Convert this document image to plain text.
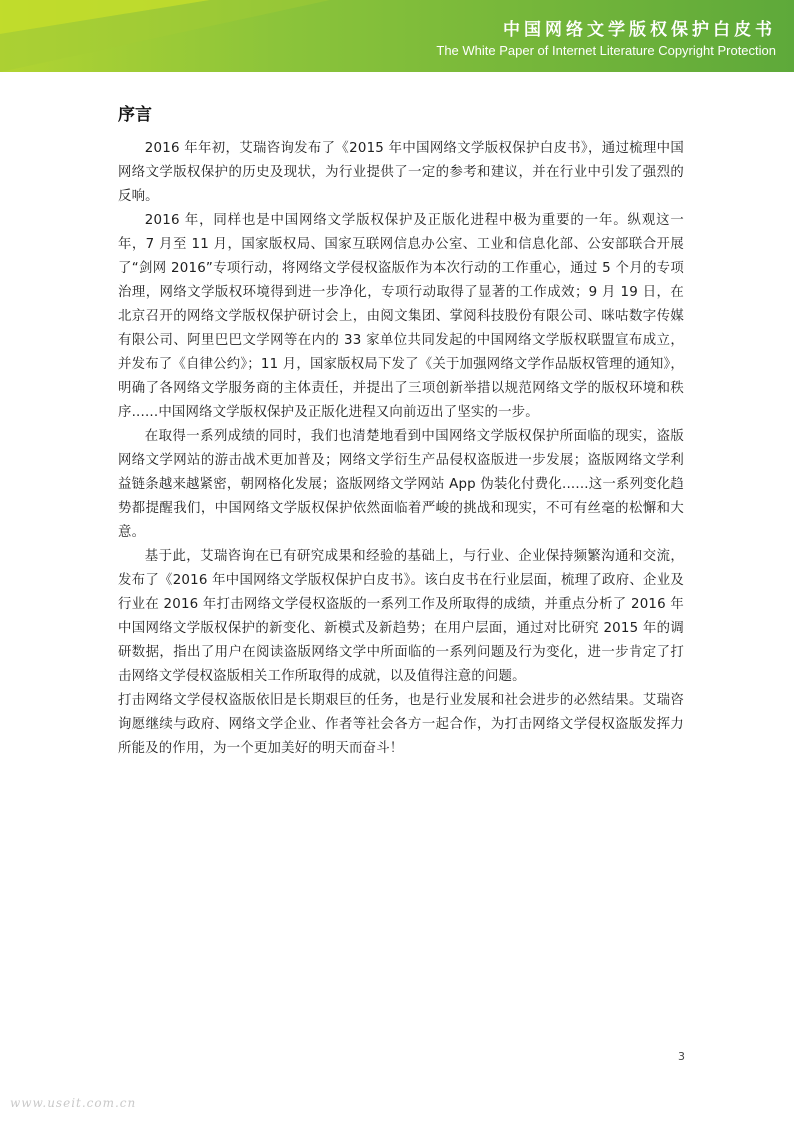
中国网络文学版权保护白皮书
The White Paper of Internet Literature Copyright Protection
序言

2016 年年初，艾瑞咨询发布了《2015 年中国网络文学版权保护白皮书》，通过梳理中国网络文学版权保护的历史及现状，为行业提供了一定的参考和建议，并在行业中引发了强烈的反响。

2016 年，同样也是中国网络文学版权保护及正版化进程中极为重要的一年。纵观这一年，7 月至 11 月，国家版权局、国家互联网信息办公室、工业和信息化部、公安部联合开展了“剑网 2016”专项行动，将网络文学侵权盗版作为本次行动的工作重心，通过 5 个月的专项治理，网络文学版权环境得到进一步净化，专项行动取得了显著的工作成效；9 月 19 日，在北京召开的网络文学版权保护研讨会上，由阅文集团、掌阅科技股份有限公司、咪咕数字传媒有限公司、阿里巴巴文学网等在内的 33 家单位共同发起的中国网络文学版权联盟宣布成立，并发布了《自律公约》；11 月，国家版权局下发了《关于加强网络文学作品版权管理的通知》，明确了各网络文学服务商的主体责任，并提出了三项创新举措以规范网络文学的版权环境和秩序......中国网络文学版权保护及正版化进程又向前迈出了坚实的一步。

在取得一系列成绩的同时，我们也清楚地看到中国网络文学版权保护所面临的现实，盗版网络文学网站的游击战术更加普及；网络文学衍生产品侵权盗版进一步发展；盗版网络文学利益链条越来越紧密，朝网格化发展；盗版网络文学网站 App 伪装化付费化......这一系列变化趋势都提醒我们，中国网络文学版权保护依然面临着严峻的挑战和现实，不可有丝毫的松懈和大意。

基于此，艾瑞咨询在已有研究成果和经验的基础上，与行业、企业保持频繁沟通和交流，发布了《2016 年中国网络文学版权保护白皮书》。该白皮书在行业层面，梳理了政府、企业及行业在 2016 年打击网络文学侵权盗版的一系列工作及所取得的成绩，并重点分析了 2016 年中国网络文学版权保护的新变化、新模式及新趋势；在用户层面，通过对比研究 2015 年的调研数据，指出了用户在阅读盗版网络文学中所面临的一系列问题及行为变化，进一步肯定了打击网络文学侵权盗版相关工作所取得的成就，以及值得注意的问题。

打击网络文学侵权盗版依旧是长期艰巨的任务，也是行业发展和社会进步的必然结果。艾瑞咨询愿继续与政府、网络文学企业、作者等社会各方一起合作，为打击网络文学侵权盗版发挥力所能及的作用，为一个更加美好的明天而奋斗！

3
www.useit.com.cn
